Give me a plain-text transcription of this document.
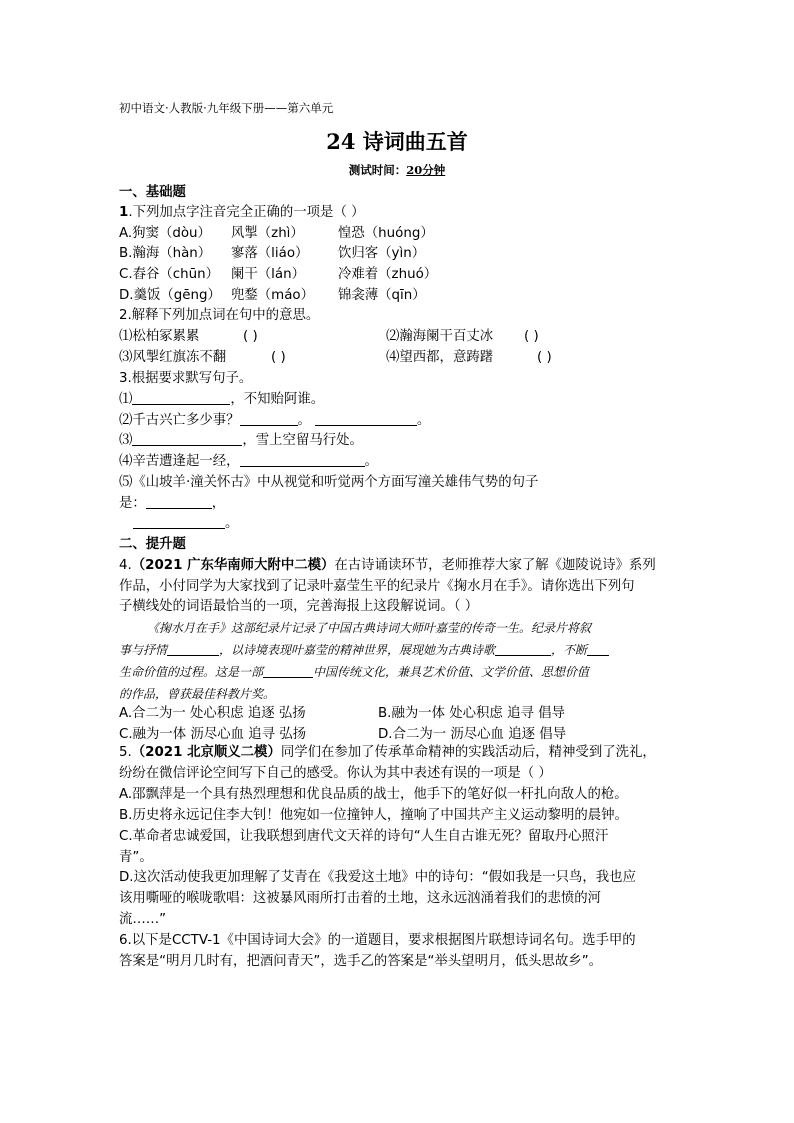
初中语文·人教版·九年级下册——第六单元
24 诗词曲五首
测试时间：20分钟
一、基础题
1.下列加点字注音完全正确的一项是（ ）
A.狗窦（dòu） 风掣（zhì）	惶恐（huóng）
B.瀚海（hàn） 寥落（liáo） 饮归客（yìn）
C.舂谷（chūn） 阑干（lán） 冷难着（zhuó）
D.羹饭（gēng） 兜鍪（máo） 锦衾薄（qīn）
2.解释下列加点词在句中的意思。
⑴松柏冢累累	( )	⑵瀚海阑干百丈冰 ( )
⑶风掣红旗冻不翻	( )	⑷望西都，意踌躇	( )
3.根据要求默写句子。
⑴	，不知贻阿谁。
⑵千古兴亡多少事？	。	。
⑶	，雪上空留马行处。
⑷辛苦遭逢起一经，	。
⑸《山坡羊·潼关怀古》中从视觉和听觉两个方面写潼关雄伟气势的句子
是：	，
。
二、提升题
4.（2021 广东华南师大附中二模）在古诗诵读环节，老师推荐大家了解《迦陵说诗》系列
作品，小付同学为大家找到了记录叶嘉莹生平的纪录片《掬水月在手》。请你选出下列句
子横线处的词语最恰当的一项，完善海报上这段解说词。（ ）
《掬水月在手》这部纪录片记录了中国古典诗词大师叶嘉莹的传奇一生。纪录片将叙
事与抒情	，以诗境表现叶嘉莹的精神世界，展现她为古典诗歌	，不断
生命价值的过程。这是一部	中国传统文化，兼具艺术价值、文学价值、思想价值
的作品，曾获最佳科教片奖。
A.合二为一 处心积虑 追逐 弘扬	B.融为一体 处心积虑 追寻 倡导
C.融为一体 沥尽心血 追寻 弘扬	D.合二为一 沥尽心血 追逐 倡导
5.（2021 北京顺义二模）同学们在参加了传承革命精神的实践活动后，精神受到了洗礼，
纷纷在微信评论空间写下自己的感受。你认为其中表述有误的一项是（ ）
A.邵飘萍是一个具有热烈理想和优良品质的战士，他手下的笔好似一杆扎向敌人的枪。
B.历史将永远记住李大钊！他宛如一位撞钟人，撞响了中国共产主义运动黎明的晨钟。
C.革命者忠诚爱国，让我联想到唐代文天祥的诗句“人生自古谁无死？留取丹心照汗
青”。
D.这次活动使我更加理解了艾青在《我爱这土地》中的诗句：“假如我是一只鸟，我也应
该用嘶哑的喉咙歌唱：这被暴风雨所打击着的土地，这永远汹涌着我们的悲愤的河
流……”
6.以下是CCTV-1《中国诗词大会》的一道题目，要求根据图片联想诗词名句。选手甲的
答案是“明月几时有，把酒问青天”，选手乙的答案是“举头望明月，低头思故乡”。
